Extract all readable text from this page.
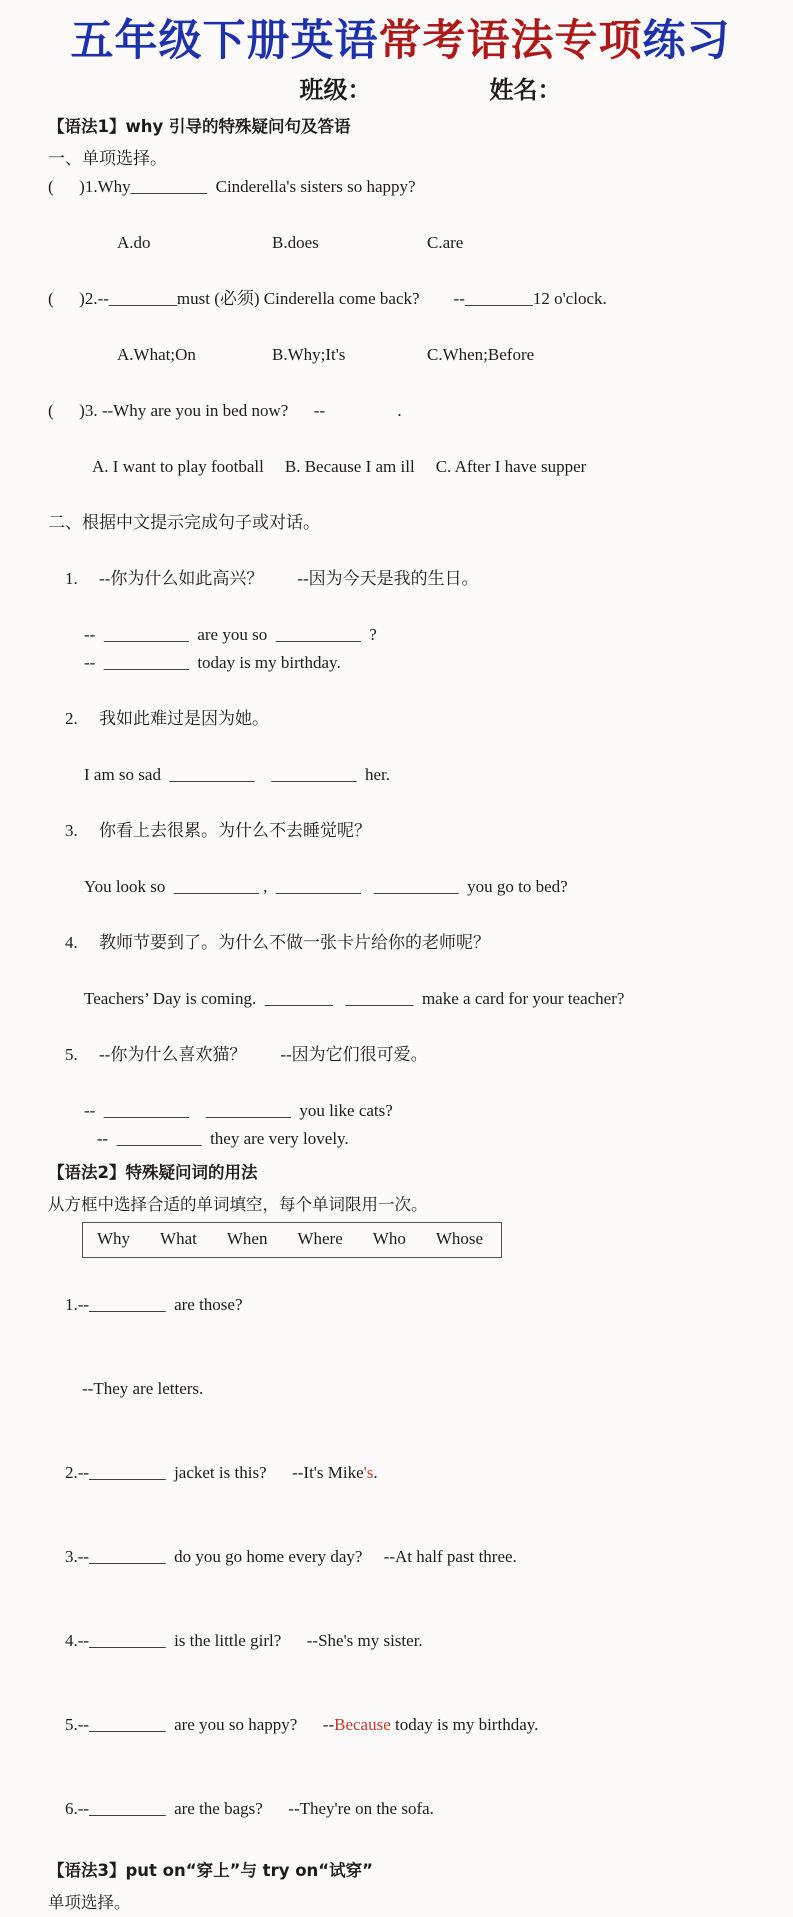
五年级下册英语常考语法专项练习
班级：	姓名：
【语法1】why 引导的特殊疑问句及答语
一、单项选择。
(      )1.Why_________  Cinderella's sisters so happy?

A.do	B.does	C.are

(      )2.--________must (必须) Cinderella come back?        --________12 o'clock.

A.What;On	B.Why;It's	C.When;Before

(      )3. --Why are you in bed now?      --                 .

A. I want to play football B. Because I am ill C. After I have supper

二、根据中文提示完成句子或对话。

1. --你为什么如此高兴？        --因为今天是我的生日。

--  __________  are you so  __________  ?
--  __________  today is my birthday.

2. 我如此难过是因为她。

I am so sad  __________    __________  her.

3. 你看上去很累。为什么不去睡觉呢？

You look so  __________ ,  __________   __________  you go to bed?

4. 教师节要到了。为什么不做一张卡片给你的老师呢？

Teachers’ Day is coming.  ________   ________  make a card for your teacher?

5. --你为什么喜欢猫？        --因为它们很可爱。

--  __________    __________  you like cats?
--  __________  they are very lovely.
【语法2】特殊疑问词的用法
从方框中选择合适的单词填空，每个单词限用一次。
Why What When Where Who Whose

1.--_________  are those?

--They are letters.

2.--_________  jacket is this?      --It's Mike's.

3.--_________  do you go home every day?     --At half past three.

4.--_________  is the little girl?      --She's my sister.

5.--_________  are you so happy?      --Because today is my birthday.

6.--_________  are the bags?      --They're on the sofa.

【语法3】put on“穿上”与 try on“试穿”
单项选择。
